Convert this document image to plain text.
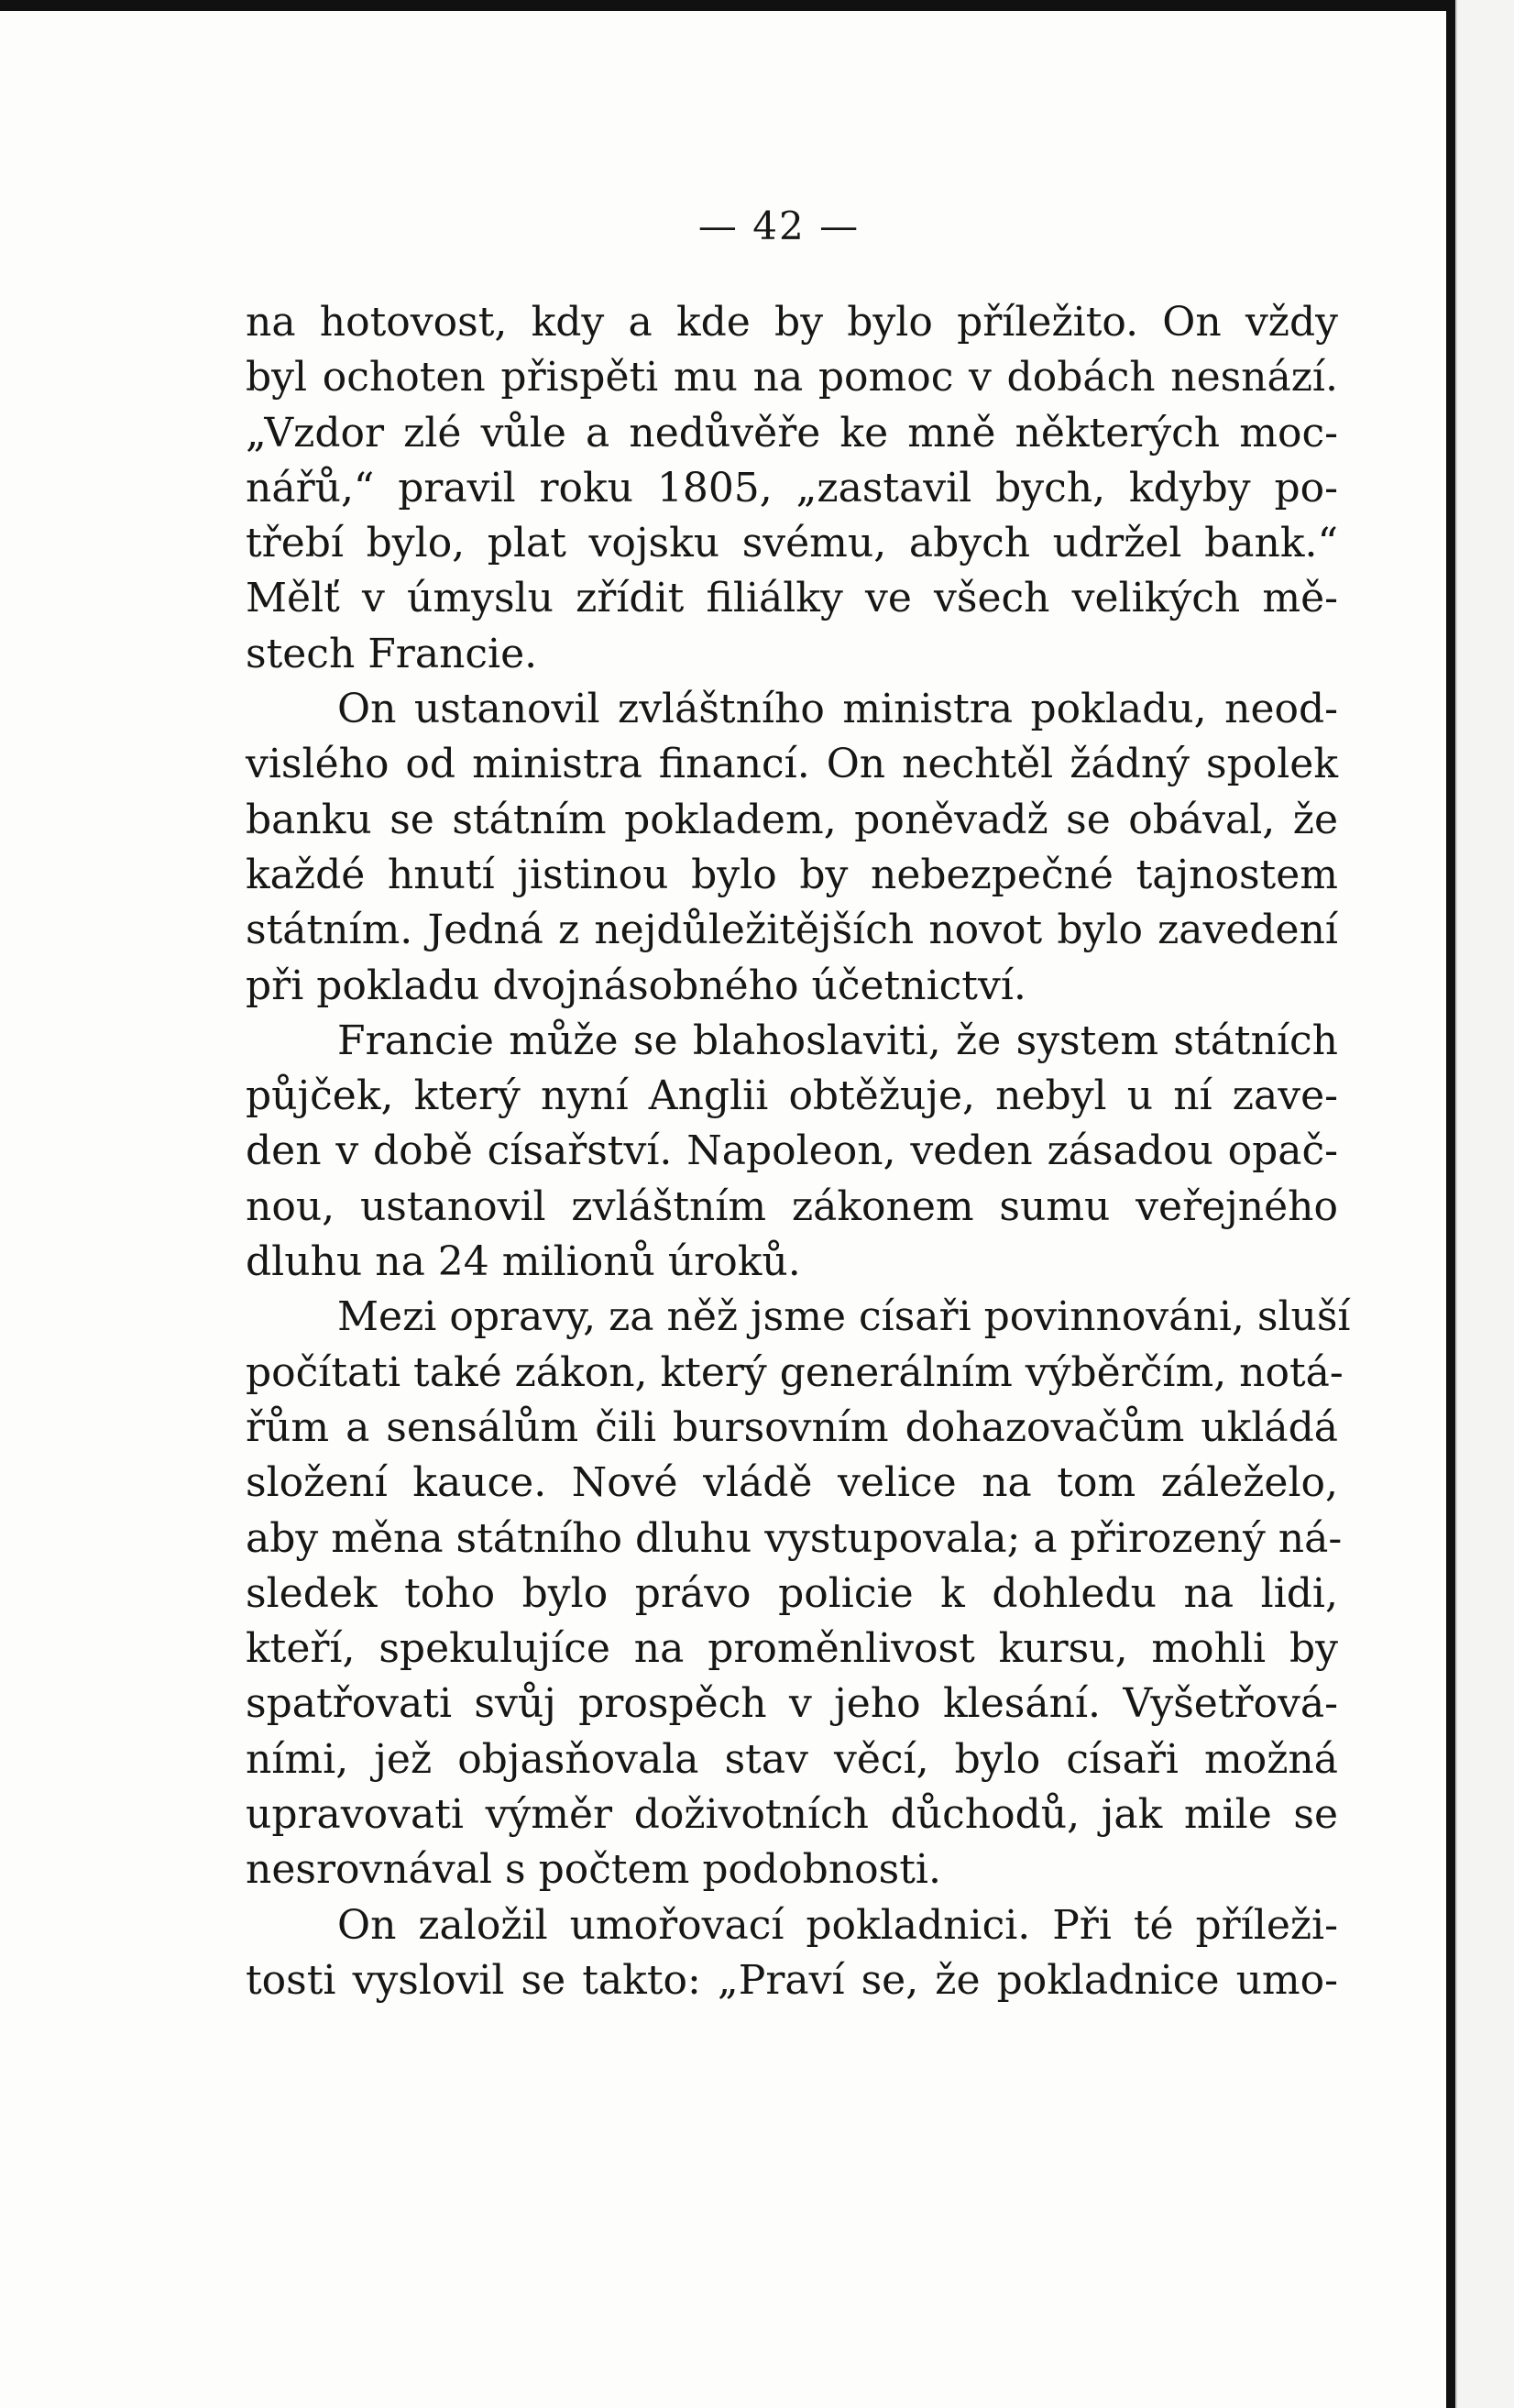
— 42 —
na hotovost, kdy a kde by bylo příležito. On vždy
byl ochoten přispěti mu na pomoc v dobách nesnází.
„Vzdor zlé vůle a nedůvěře ke mně některých moc-
nářů,“ pravil roku 1805, „zastavil bych, kdyby po-
třebí bylo, plat vojsku svému, abych udržel bank.“
Mělť v úmyslu zřídit filiálky ve všech velikých mě-
stech Francie.
On ustanovil zvláštního ministra pokladu, neod-
vislého od ministra financí. On nechtěl žádný spolek
banku se státním pokladem, poněvadž se obával, že
každé hnutí jistinou bylo by nebezpečné tajnostem
státním. Jedná z nejdůležitějších novot bylo zavedení
při pokladu dvojnásobného účetnictví.
Francie může se blahoslaviti, že system státních
půjček, který nyní Anglii obtěžuje, nebyl u ní zave-
den v době císařství. Napoleon, veden zásadou opač-
nou, ustanovil zvláštním zákonem sumu veřejného
dluhu na 24 milionů úroků.
Mezi opravy, za něž jsme císaři povinnováni, sluší
počítati také zákon, který generálním výběrčím, notá-
řům a sensálům čili bursovním dohazovačům ukládá
složení kauce. Nové vládě velice na tom záleželo,
aby měna státního dluhu vystupovala; a přirozený ná-
sledek toho bylo právo policie k dohledu na lidi,
kteří, spekulujíce na proměnlivost kursu, mohli by
spatřovati svůj prospěch v jeho klesání. Vyšetřová-
ními, jež objasňovala stav věcí, bylo císaři možná
upravovati výměr doživotních důchodů, jak mile se
nesrovnával s počtem podobnosti.
On založil umořovací pokladnici. Při té příleži-
tosti vyslovil se takto: „Praví se, že pokladnice umo-
